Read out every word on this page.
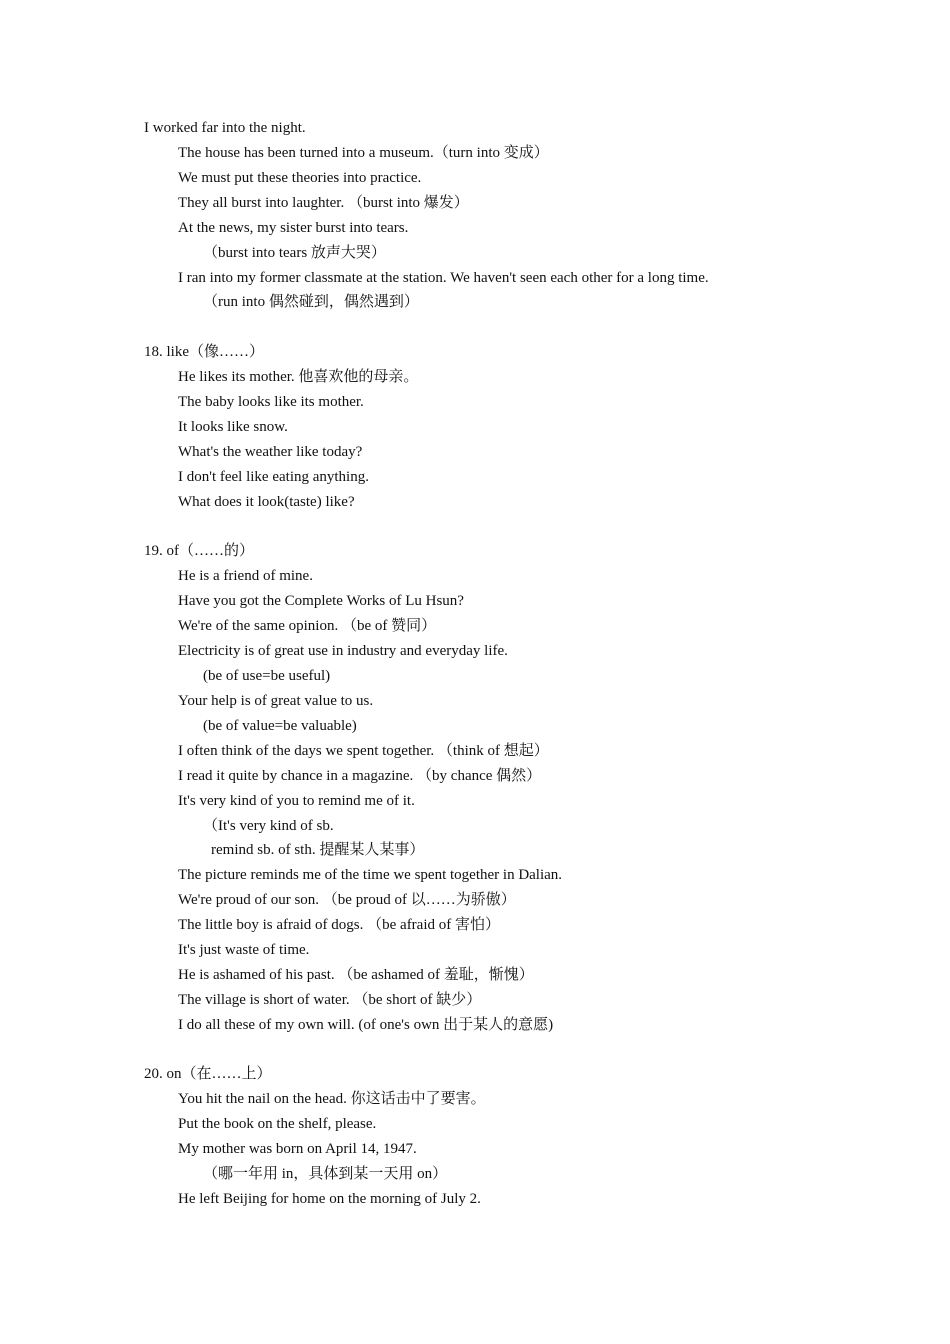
I worked far into the night.
The house has been turned into a museum.（turn into 变成）
We must put these theories into practice.
They all burst into laughter. （burst into 爆发）
At the news, my sister burst into tears.
（burst into tears 放声大哭）
I ran into my former classmate at the station. We haven't seen each other for a long time.
（run into 偶然碰到，偶然遇到）
18. like（像……）
He likes its mother. 他喜欢他的母亲。
The baby looks like its mother.
It looks like snow.
What's the weather like today?
I don't feel like eating anything.
What does it look(taste) like?
19. of（……的）
He is a friend of mine.
Have you got the Complete Works of Lu Hsun?
We're of the same opinion. （be of 赞同）
Electricity is of great use in industry and everyday life.
(be of use=be useful)
Your help is of great value to us.
(be of value=be valuable)
I often think of the days we spent together. （think of 想起）
I read it quite by chance in a magazine. （by chance 偶然）
It's very kind of you to remind me of it.
（It's very kind of sb.
remind sb. of sth. 提醒某人某事）
The picture reminds me of the time we spent together in Dalian.
We're proud of our son. （be proud of 以……为骄傲）
The little boy is afraid of dogs. （be afraid of 害怕）
It's just waste of time.
He is ashamed of his past. （be ashamed of 羞耻，惭愧）
The village is short of water. （be short of 缺少）
I do all these of my own will. (of one's own 出于某人的意愿)
20. on（在……上）
You hit the nail on the head. 你这话击中了要害。
Put the book on the shelf, please.
My mother was born on April 14, 1947.
（哪一年用 in，具体到某一天用 on）
He left Beijing for home on the morning of July 2.
